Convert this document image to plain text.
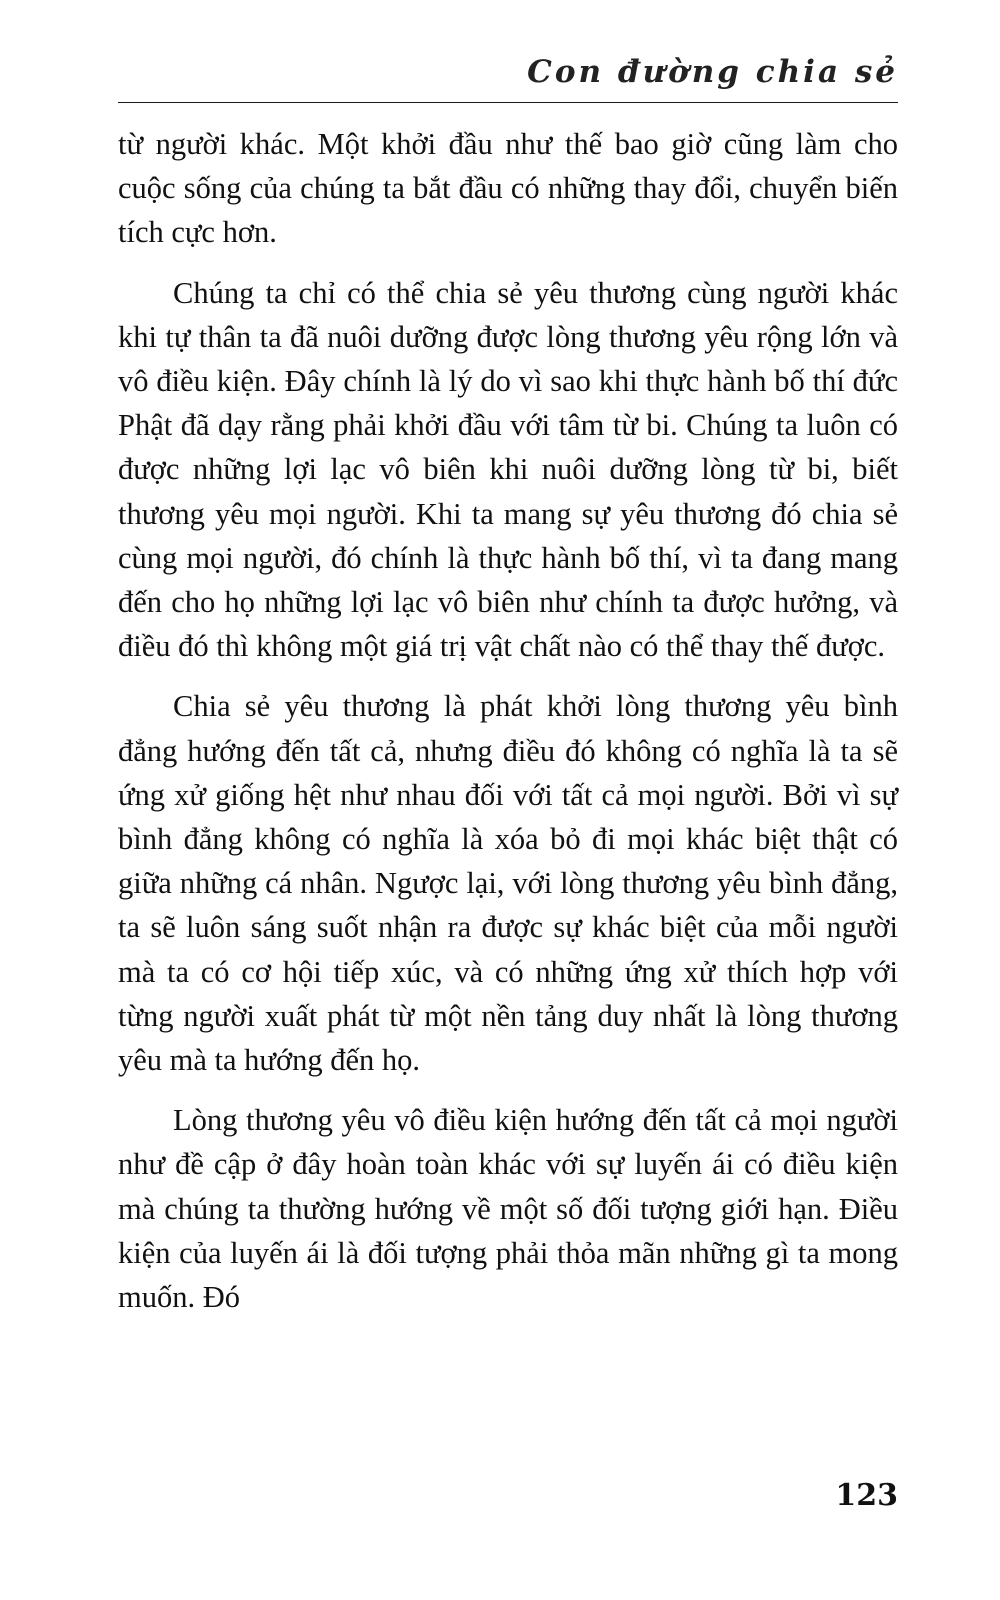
Con đường chia sẻ

từ người khác. Một khởi đầu như thế bao giờ cũng làm cho cuộc sống của chúng ta bắt đầu có những thay đổi, chuyển biến tích cực hơn.

Chúng ta chỉ có thể chia sẻ yêu thương cùng người khác khi tự thân ta đã nuôi dưỡng được lòng thương yêu rộng lớn và vô điều kiện. Đây chính là lý do vì sao khi thực hành bố thí đức Phật đã dạy rằng phải khởi đầu với tâm từ bi. Chúng ta luôn có được những lợi lạc vô biên khi nuôi dưỡng lòng từ bi, biết thương yêu mọi người. Khi ta mang sự yêu thương đó chia sẻ cùng mọi người, đó chính là thực hành bố thí, vì ta đang mang đến cho họ những lợi lạc vô biên như chính ta được hưởng, và điều đó thì không một giá trị vật chất nào có thể thay thế được.

Chia sẻ yêu thương là phát khởi lòng thương yêu bình đẳng hướng đến tất cả, nhưng điều đó không có nghĩa là ta sẽ ứng xử giống hệt như nhau đối với tất cả mọi người. Bởi vì sự bình đẳng không có nghĩa là xóa bỏ đi mọi khác biệt thật có giữa những cá nhân. Ngược lại, với lòng thương yêu bình đẳng, ta sẽ luôn sáng suốt nhận ra được sự khác biệt của mỗi người mà ta có cơ hội tiếp xúc, và có những ứng xử thích hợp với từng người xuất phát từ một nền tảng duy nhất là lòng thương yêu mà ta hướng đến họ.

Lòng thương yêu vô điều kiện hướng đến tất cả mọi người như đề cập ở đây hoàn toàn khác với sự luyến ái có điều kiện mà chúng ta thường hướng về một số đối tượng giới hạn. Điều kiện của luyến ái là đối tượng phải thỏa mãn những gì ta mong muốn. Đó

123
